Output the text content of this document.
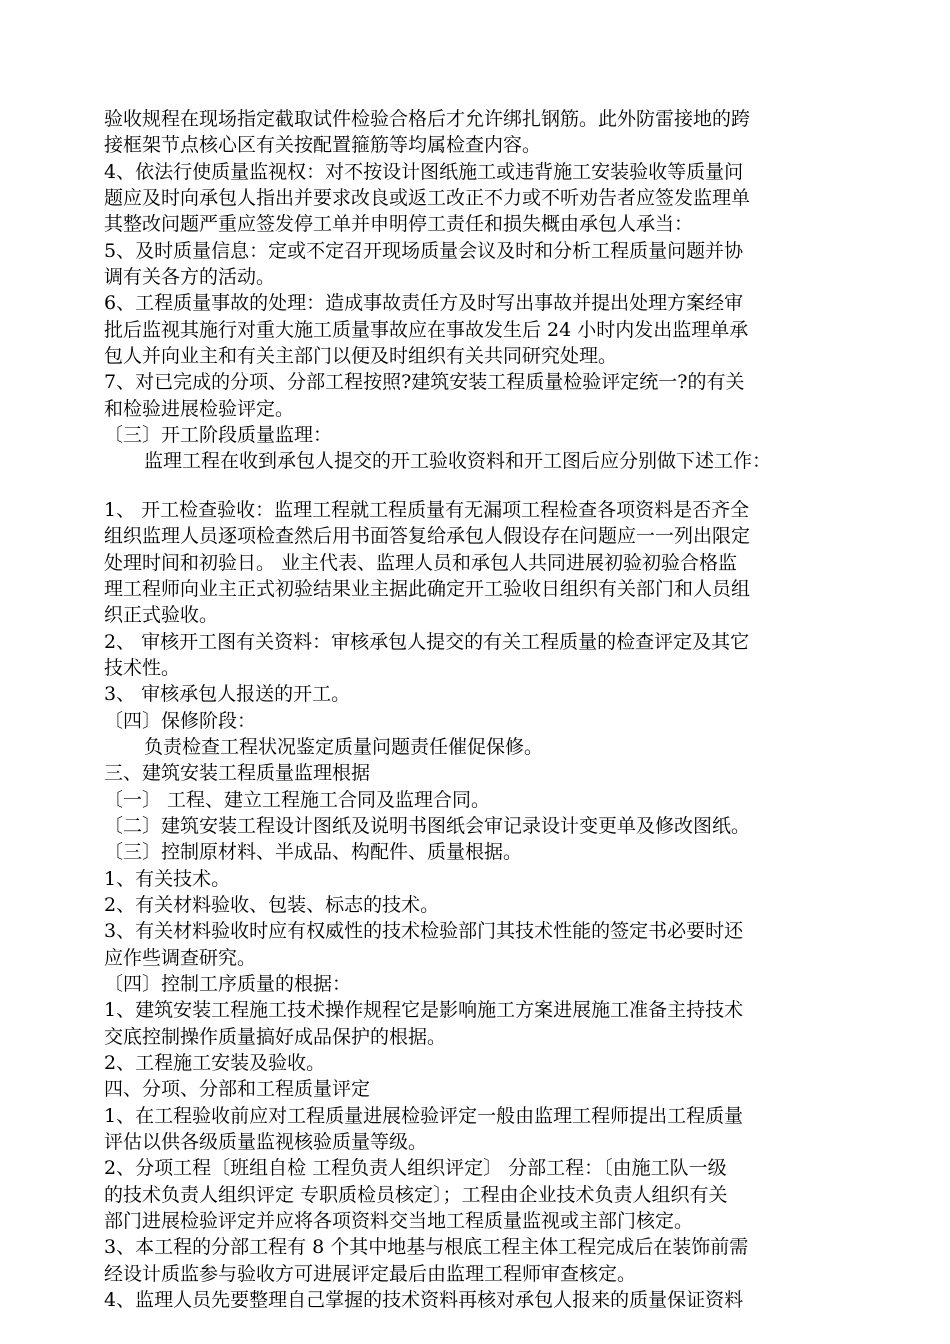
验收规程在现场指定截取试件检验合格后才允许绑扎钢筋。此外防雷接地的跨
接框架节点核心区有关按配置箍筋等均属检查内容。
4、依法行使质量监视权：对不按设计图纸施工或违背施工安装验收等质量问
题应及时向承包人指出并要求改良或返工改正不力或不听劝告者应签发监理单
其整改问题严重应签发停工单并申明停工责任和损失概由承包人承当：
5、及时质量信息：定或不定召开现场质量会议及时和分析工程质量问题并协
调有关各方的活动。
6、工程质量事故的处理：造成事故责任方及时写出事故并提出处理方案经审
批后监视其施行对重大施工质量事故应在事故发生后 24 小时内发出监理单承
包人并向业主和有关主部门以便及时组织有关共同研究处理。
7、对已完成的分项、分部工程按照?建筑安装工程质量检验评定统一?的有关
和检验进展检验评定。
〔三〕开工阶段质量监理：
监理工程在收到承包人提交的开工验收资料和开工图后应分别做下述工作：
1、 开工检查验收：监理工程就工程质量有无漏项工程检查各项资料是否齐全
组织监理人员逐项检查然后用书面答复给承包人假设存在问题应一一列出限定
处理时间和初验日。 业主代表、监理人员和承包人共同进展初验初验合格监
理工程师向业主正式初验结果业主据此确定开工验收日组织有关部门和人员组
织正式验收。
2、 审核开工图有关资料：审核承包人提交的有关工程质量的检查评定及其它
技术性。
3、 审核承包人报送的开工。
〔四〕保修阶段：
负责检查工程状况鉴定质量问题责任催促保修。
三、建筑安装工程质量监理根据
〔一〕 工程、建立工程施工合同及监理合同。
〔二〕建筑安装工程设计图纸及说明书图纸会审记录设计变更单及修改图纸。
〔三〕控制原材料、半成品、构配件、质量根据。
1、有关技术。
2、有关材料验收、包装、标志的技术。
3、有关材料验收时应有权威性的技术检验部门其技术性能的签定书必要时还
应作些调查研究。
〔四〕控制工序质量的根据：
1、建筑安装工程施工技术操作规程它是影响施工方案进展施工准备主持技术
交底控制操作质量搞好成品保护的根据。
2、工程施工安装及验收。
四、分项、分部和工程质量评定
1、在工程验收前应对工程质量进展检验评定一般由监理工程师提出工程质量
评估以供各级质量监视核验质量等级。
2、分项工程〔班组自检 工程负责人组织评定〕 分部工程：〔由施工队一级
的技术负责人组织评定 专职质检员核定〕；工程由企业技术负责人组织有关
部门进展检验评定并应将各项资料交当地工程质量监视或主部门核定。
3、本工程的分部工程有 8 个其中地基与根底工程主体工程完成后在装饰前需
经设计质监参与验收方可进展评定最后由监理工程师审查核定。
4、监理人员先要整理自己掌握的技术资料再核对承包人报来的质量保证资料
